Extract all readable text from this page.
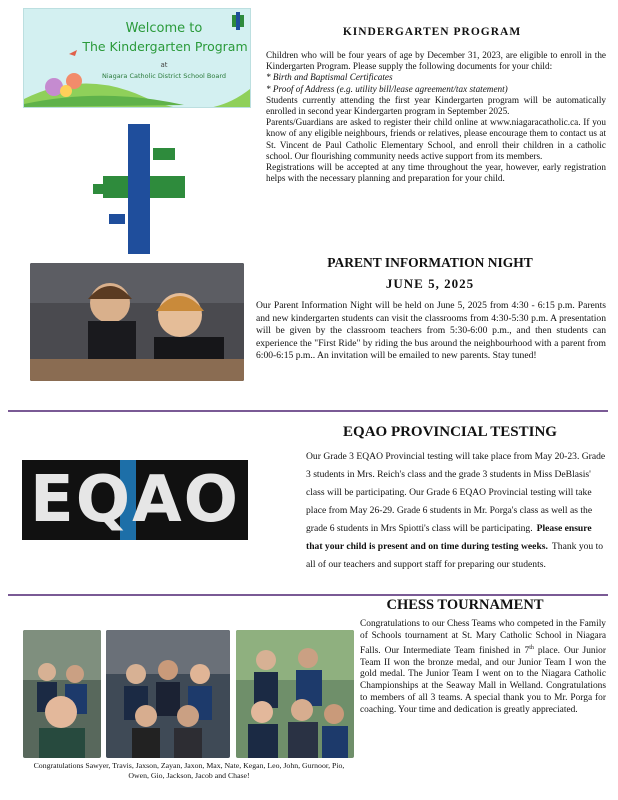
Welcome to
The Kindergarten Program
at
Niagara Catholic District School Board
KINDERGARTEN PROGRAM

Children who will be four years of age by December 31, 2023, are eligible to enroll in the Kindergarten Program. Please supply the following documents for your child:

* Birth and Baptismal Certificates

* Proof of Address (e.g. utility bill/lease agreement/tax statement)

Students currently attending the first year Kindergarten program will be automatically enrolled in second year Kindergarten program in September 2025.

Parents/Guardians are asked to register their child online at www.niagaracatholic.ca. If you know of any eligible neighbours, friends or relatives, please encourage them to contact us at St. Vincent de Paul Catholic Elementary School, and enroll their children in a catholic school. Our flourishing community needs active support from its members.

Registrations will be accepted at any time throughout the year, however, early registration helps with the necessary planning and preparation for your child.

PARENT INFORMATION NIGHT
JUNE 5, 2025

Our Parent Information Night will be held on June 5, 2025 from 4:30 - 6:15 p.m. Parents and new kindergarten students can visit the classrooms from 4:30-5:30 p.m. A presentation will be given by the classroom teachers from 5:30-6:00 p.m., and then students can experience the "First Ride" by riding the bus around the neighbourhood with a parent from 6:00-6:15 p.m.. An invitation will be emailed to new parents. Stay tuned!

EQAO
EQAO PROVINCIAL TESTING
Our Grade 3 EQAO Provincial testing will take place from May 20-23. Grade 3 students in Mrs. Reich's class and the grade 3 students in Miss DeBlasis' class will be participating. Our Grade 6 EQAO Provincial testing will take place from May 26-29. Grade 6 students in Mr. Porga's class as well as the grade 6 students in Mrs Spiotti's class will be participating. Please ensure that your child is present and on time during testing weeks. Thank you to all of our teachers and support staff for preparing our students.
CHESS TOURNAMENT
Congratulations to our Chess Teams who competed in the Family of Schools tournament at St. Mary Catholic School in Niagara Falls. Our Intermediate Team finished in 7th place. Our Junior Team II won the bronze medal, and our Junior Team I won the gold medal. The Junior Team I went on to the Niagara Catholic Championships at the Seaway Mall in Welland. Congratulations to members of all 3 teams. A special thank you to Mr. Porga for coaching. Your time and dedication is greatly appreciated.

Congratulations Sawyer, Travis, Jaxson, Zayan, Jaxon, Max, Nate, Kegan, Leo, John, Gurnoor, Pio, Owen, Gio, Jackson, Jacob and Chase!
